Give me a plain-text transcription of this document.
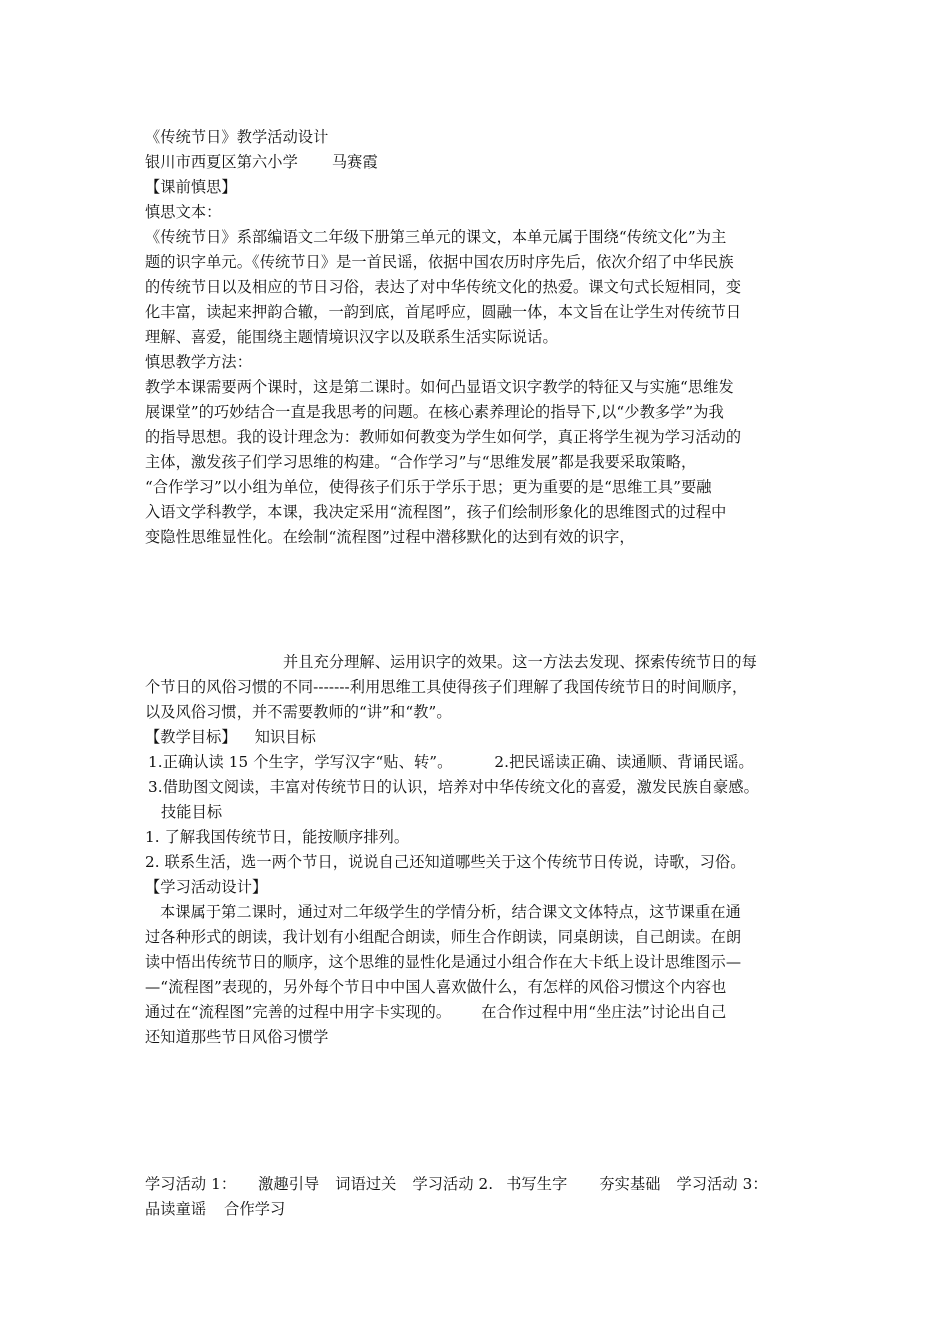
《传统节日》教学活动设计
银川市西夏区第六小学 马赛霞
【课前慎思】
慎思文本：
《传统节日》系部编语文二年级下册第三单元的课文，本单元属于围绕“传统文化”为主
题的识字单元。《传统节日》是一首民谣，依据中国农历时序先后，依次介绍了中华民族
的传统节日以及相应的节日习俗，表达了对中华传统文化的热爱。课文句式长短相同，变
化丰富，读起来押韵合辙，一韵到底，首尾呼应，圆融一体，本文旨在让学生对传统节日
理解、喜爱，能围绕主题情境识汉字以及联系生活实际说话。
慎思教学方法：
教学本课需要两个课时，这是第二课时。如何凸显语文识字教学的特征又与实施“思维发
展课堂”的巧妙结合一直是我思考的问题。在核心素养理论的指导下,以“少教多学”为我
的指导思想。我的设计理念为：教师如何教变为学生如何学，真正将学生视为学习活动的
主体，激发孩子们学习思维的构建。“合作学习”与“思维发展”都是我要采取策略，
“合作学习”以小组为单位，使得孩子们乐于学乐于思；更为重要的是“思维工具”要融
入语文学科教学，本课，我决定采用“流程图”，孩子们绘制形象化的思维图式的过程中
变隐性思维显性化。在绘制“流程图”过程中潜移默化的达到有效的识字，
并且充分理解、运用识字的效果。这一方法去发现、探索传统节日的每
个节日的风俗习惯的不同-------利用思维工具使得孩子们理解了我国传统节日的时间顺序，
以及风俗习惯，并不需要教师的“讲”和“教”。
【教学目标】 知识目标
1.正确认读 15 个生字，学写汉字“贴、转”。	2.把民谣读正确、读通顺、背诵民谣。
3.借助图文阅读，丰富对传统节日的认识，培养对中华传统文化的喜爱，激发民族自豪感。
技能目标
1. 了解我国传统节日，能按顺序排列。
2. 联系生活，选一两个节日，说说自己还知道哪些关于这个传统节日传说，诗歌，习俗。
【学习活动设计】
本课属于第二课时，通过对二年级学生的学情分析，结合课文文体特点，这节课重在通
过各种形式的朗读，我计划有小组配合朗读，师生合作朗读，同桌朗读，自己朗读。在朗
读中悟出传统节日的顺序，这个思维的显性化是通过小组合作在大卡纸上设计思维图示—
—“流程图”表现的，另外每个节日中中国人喜欢做什么，有怎样的风俗习惯这个内容也
通过在“流程图”完善的过程中用字卡实现的。 在合作过程中用“坐庄法”讨论出自己
还知道那些节日风俗习惯学
学习活动 1： 激趣引导 词语过关 学习活动 2. 书写生字 夯实基础 学习活动 3：
品读童谣 合作学习
